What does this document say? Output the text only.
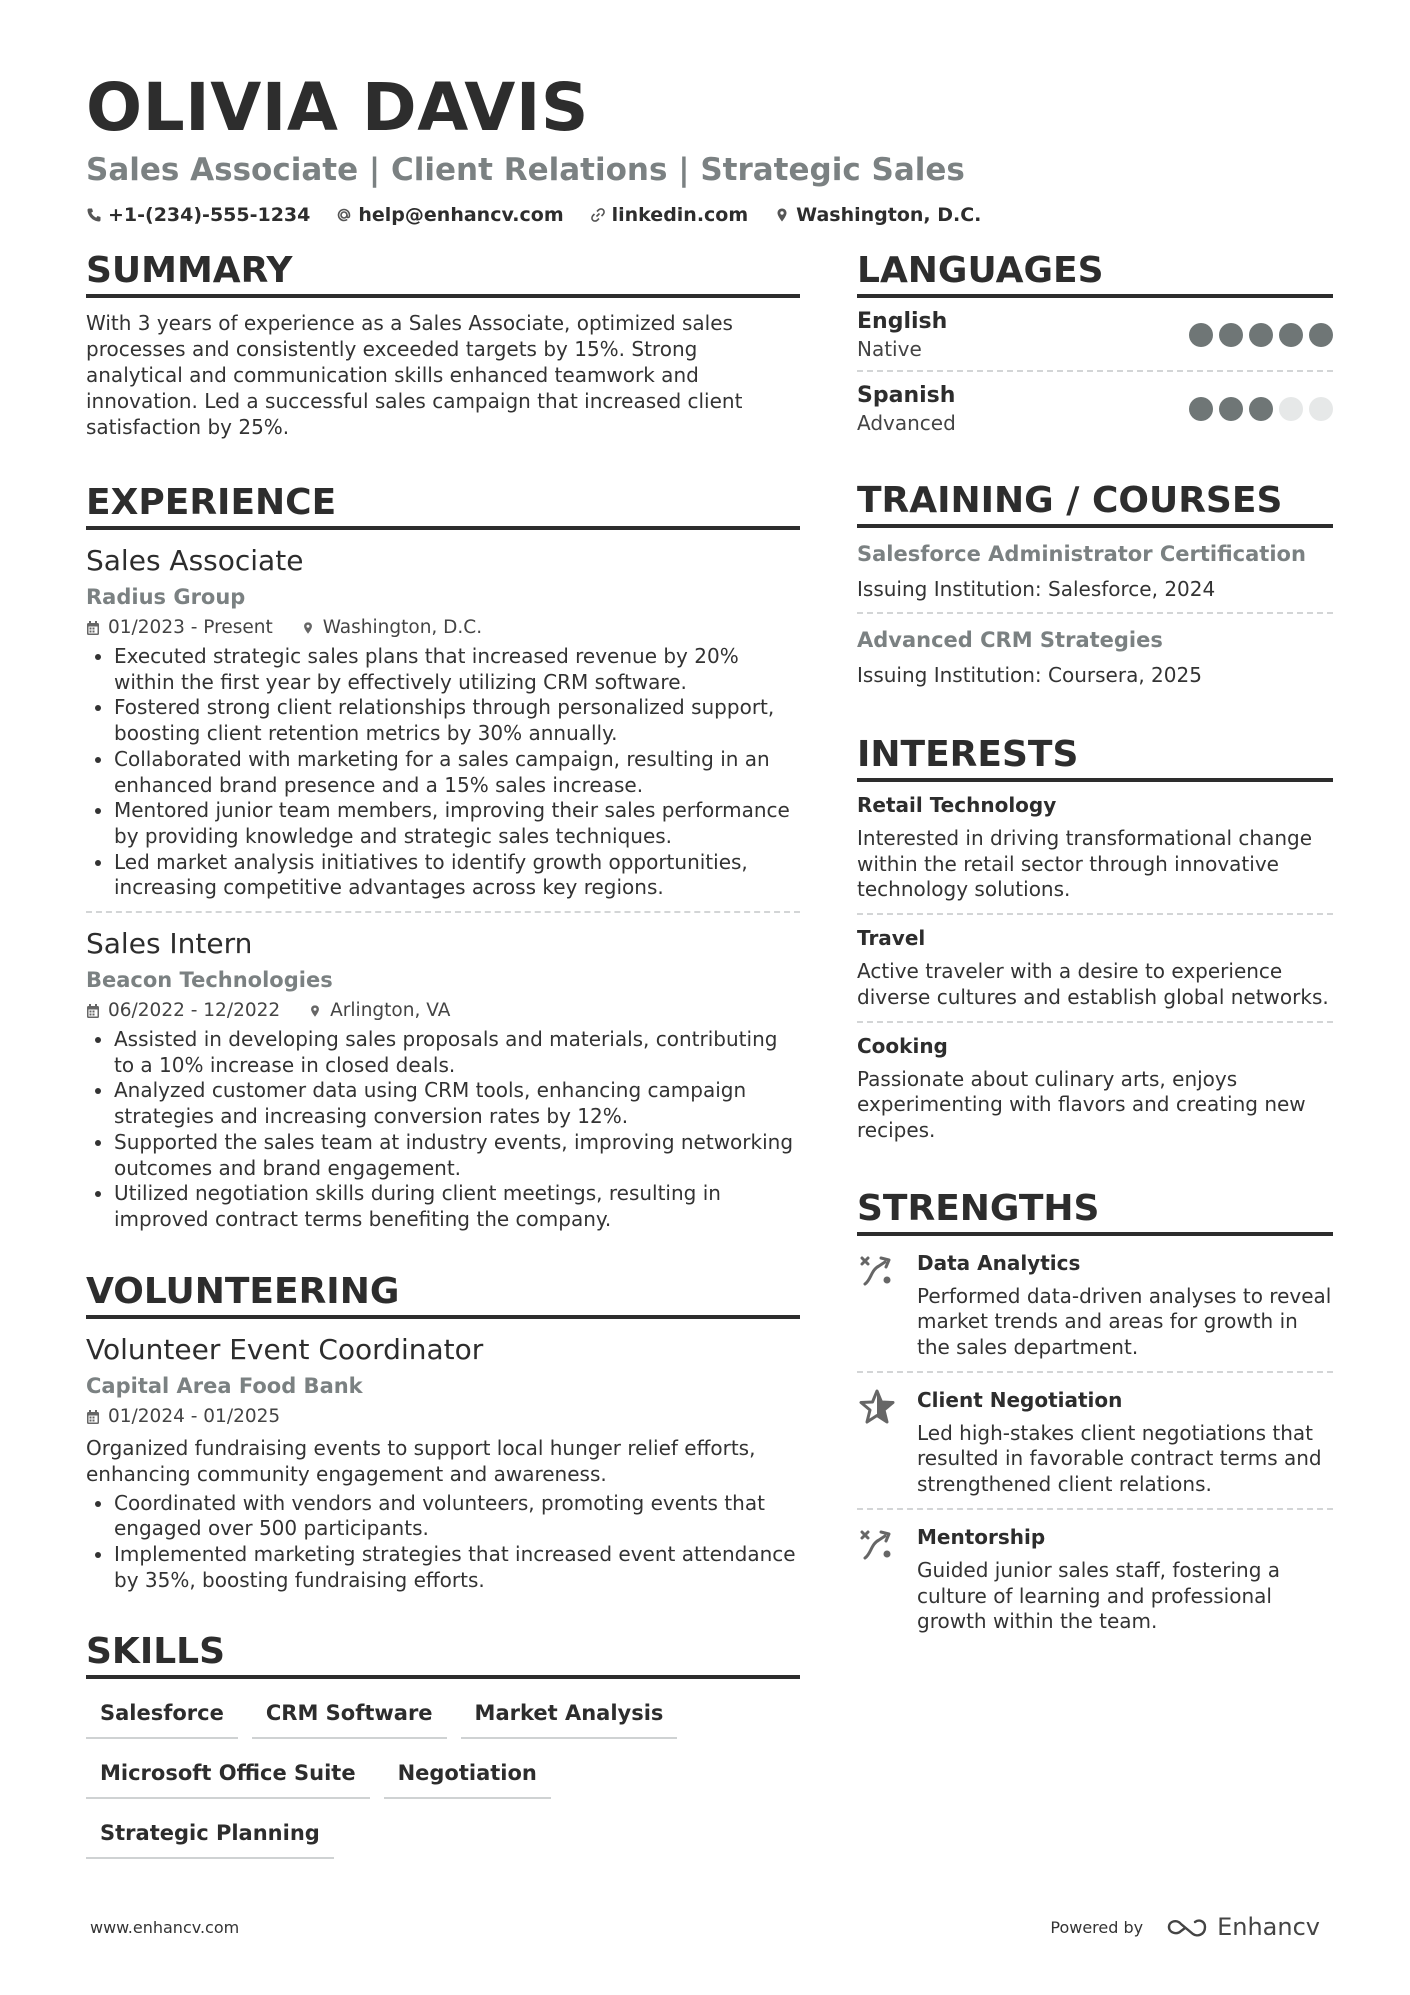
OLIVIA DAVIS
Sales Associate | Client Relations | Strategic Sales
+1-(234)-555-1234	help@enhancv.com	linkedin.com	Washington, D.C.
SUMMARY

With 3 years of experience as a Sales Associate, optimized sales processes and consistently exceeded targets by 15%. Strong analytical and communication skills enhanced teamwork and innovation. Led a successful sales campaign that increased client satisfaction by 25%.

EXPERIENCE
Sales Associate
Radius Group
01/2023 - Present	Washington, D.C.
• Executed strategic sales plans that increased revenue by 20% within the first year by effectively utilizing CRM software.
• Fostered strong client relationships through personalized support, boosting client retention metrics by 30% annually.
• Collaborated with marketing for a sales campaign, resulting in an enhanced brand presence and a 15% sales increase.
• Mentored junior team members, improving their sales performance by providing knowledge and strategic sales techniques.
• Led market analysis initiatives to identify growth opportunities, increasing competitive advantages across key regions.
Sales Intern
Beacon Technologies
06/2022 - 12/2022	Arlington, VA
• Assisted in developing sales proposals and materials, contributing to a 10% increase in closed deals.
• Analyzed customer data using CRM tools, enhancing campaign strategies and increasing conversion rates by 12%.
• Supported the sales team at industry events, improving networking outcomes and brand engagement.
• Utilized negotiation skills during client meetings, resulting in improved contract terms benefiting the company.
VOLUNTEERING
Volunteer Event Coordinator
Capital Area Food Bank
01/2024 - 01/2025

Organized fundraising events to support local hunger relief efforts, enhancing community engagement and awareness.

• Coordinated with vendors and volunteers, promoting events that engaged over 500 participants.
• Implemented marketing strategies that increased event attendance by 35%, boosting fundraising efforts.
SKILLS
Salesforce	CRM Software	Market Analysis
Microsoft Office Suite	Negotiation
Strategic Planning
LANGUAGES
English
Native
Spanish
Advanced
TRAINING / COURSES
Salesforce Administrator Certification
Issuing Institution: Salesforce, 2024
Advanced CRM Strategies
Issuing Institution: Coursera, 2025
INTERESTS
Retail Technology
Interested in driving transformational change within the retail sector through innovative technology solutions.
Travel
Active traveler with a desire to experience diverse cultures and establish global networks.
Cooking
Passionate about culinary arts, enjoys experimenting with flavors and creating new recipes.
STRENGTHS
Data Analytics
Performed data-driven analyses to reveal market trends and areas for growth in the sales department.
Client Negotiation
Led high-stakes client negotiations that resulted in favorable contract terms and strengthened client relations.
Mentorship
Guided junior sales staff, fostering a culture of learning and professional growth within the team.
www.enhancv.com	Powered by	Enhancv
